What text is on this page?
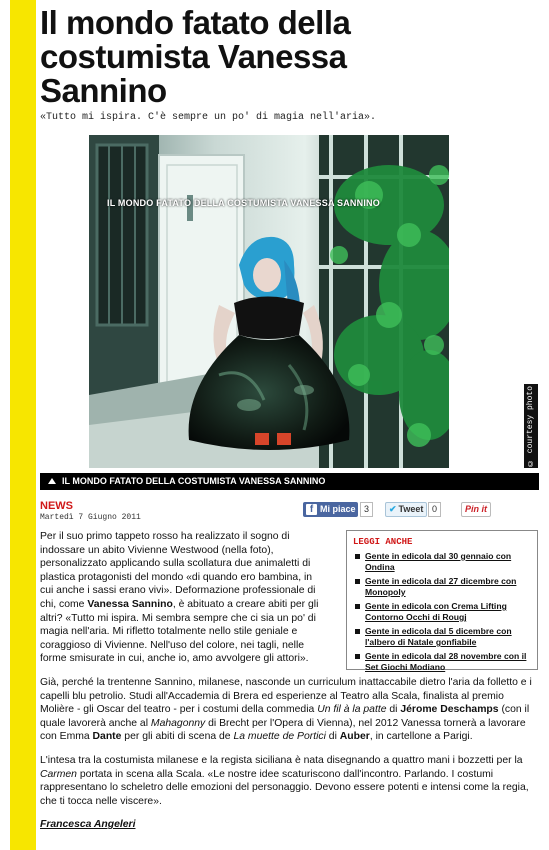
Il mondo fatato della
costumista Vanessa
Sannino
«Tutto mi ispira. C'è sempre un po' di magia nell'aria».
IL MONDO FATATO DELLA COSTUMISTA VANESSA SANNINO
© courtesy photo
IL MONDO FATATO DELLA COSTUMISTA VANESSA SANNINO
NEWS
Martedì 7 Giugno 2011
f Mi piace 3	✔ Tweet 0	Pin it

Per il suo primo tappeto rosso ha realizzato il sogno di indossare un abito Vivienne Westwood (nella foto), personalizzato applicando sulla scollatura due animaletti di plastica protagonisti del mondo «di quando ero bambina, in cui anche i sassi erano vivi». Deformazione professionale di chi, come Vanessa Sannino, è abituato a creare abiti per gli altri? «Tutto mi ispira. Mi sembra sempre che ci sia un po' di magia nell'aria. Mi rifletto totalmente nello stile geniale e coraggioso di Vivienne. Nell'uso del colore, nei tagli, nelle forme smisurate in cui, anche io, amo avvolgere gli attori».

Già, perché la trentenne Sannino, milanese, nasconde un curriculum inattaccabile dietro l'aria da folletto e i capelli blu petrolio. Studi all'Accademia di Brera ed esperienze al Teatro alla Scala, finalista al premio Molière - gli Oscar del teatro - per i costumi della commedia Un fil à la patte di Jérome Deschamps (con il quale lavorerà anche al Mahagonny di Brecht per l'Opera di Vienna), nel 2012 Vanessa tornerà a lavorare con Emma Dante per gli abiti di scena de La muette de Portici di Auber, in cartellone a Parigi.

L'intesa tra la costumista milanese e la regista siciliana è nata disegnando a quattro mani i bozzetti per la Carmen portata in scena alla Scala. «Le nostre idee scaturiscono dall'incontro. Parlando. I costumi rappresentano lo scheletro delle emozioni del personaggio. Devono essere potenti e intensi come la regia, che ti tocca nelle viscere».

Francesca Angeleri
LEGGI ANCHE
Gente in edicola dal 30 gennaio con Ondina
Gente in edicola dal 27 dicembre con Monopoly
Gente in edicola con Crema Lifting Contorno Occhi di Rougj
Gente in edicola dal 5 dicembre con l'albero di Natale gonfiabile
Gente in edicola dal 28 novembre con il Set Giochi Modiano
